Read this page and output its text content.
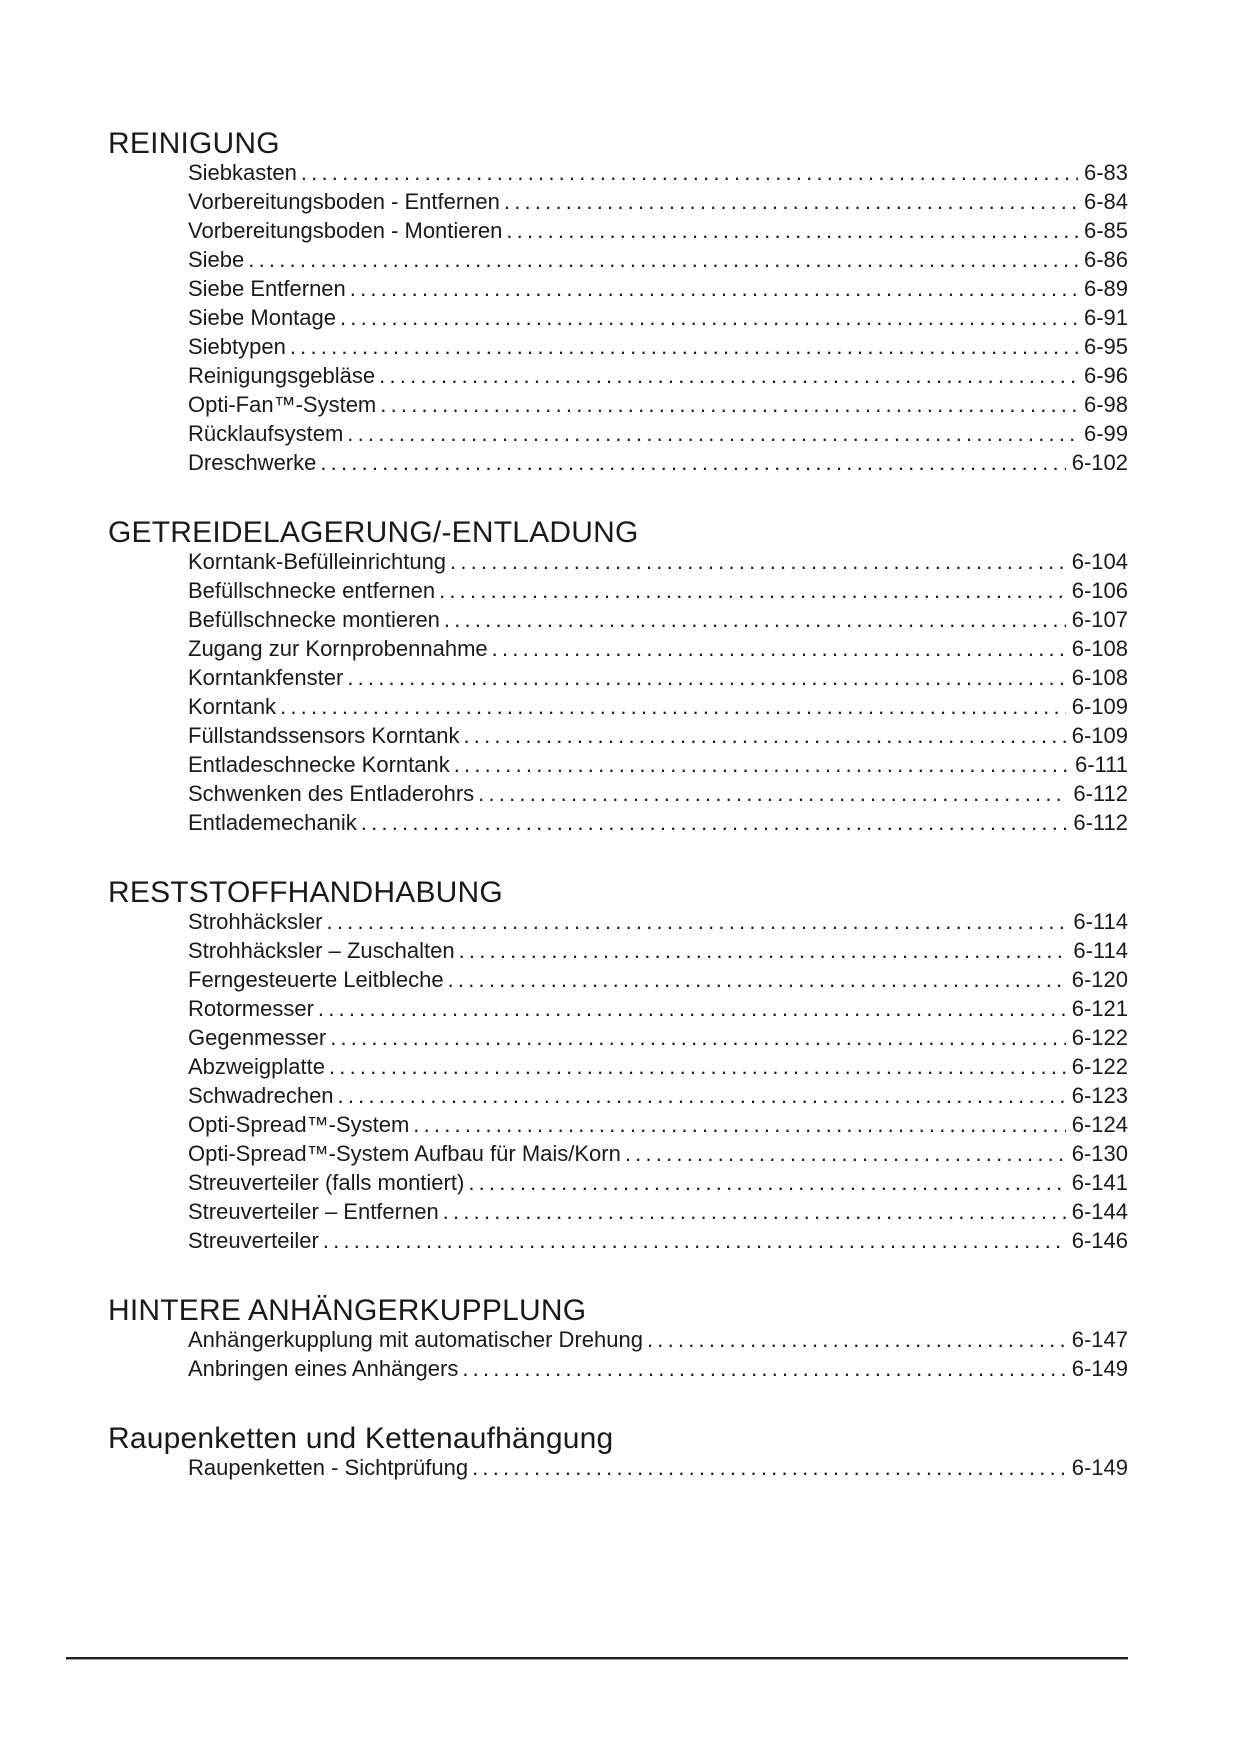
REINIGUNG
Siebkasten .....	6-83
Vorbereitungsboden - Entfernen .....	6-84
Vorbereitungsboden - Montieren .....	6-85
Siebe .....	6-86
Siebe Entfernen .....	6-89
Siebe Montage .....	6-91
Siebtypen .....	6-95
Reinigungsgebläse .....	6-96
Opti-Fan™-System .....	6-98
Rücklaufsystem .....	6-99
Dreschwerke .....	6-102
GETREIDELAGERUNG/-ENTLADUNG
Korntank-Befülleinrichtung .....	6-104
Befüllschnecke entfernen .....	6-106
Befüllschnecke montieren .....	6-107
Zugang zur Kornprobennahme .....	6-108
Korntankfenster .....	6-108
Korntank .....	6-109
Füllstandssensors Korntank .....	6-109
Entladeschnecke Korntank .....	6-111
Schwenken des Entladerohrs .....	6-112
Entlademechanik .....	6-112
RESTSTOFFHANDHABUNG
Strohhäcksler .....	6-114
Strohhäcksler – Zuschalten .....	6-114
Ferngesteuerte Leitbleche .....	6-120
Rotormesser .....	6-121
Gegenmesser .....	6-122
Abzweigplatte .....	6-122
Schwadrechen .....	6-123
Opti-Spread™-System .....	6-124
Opti-Spread™-System Aufbau für Mais/Korn .....	6-130
Streuverteiler (falls montiert) .....	6-141
Streuverteiler – Entfernen .....	6-144
Streuverteiler .....	6-146
HINTERE ANHÄNGERKUPPLUNG
Anhängerkupplung mit automatischer Drehung .....	6-147
Anbringen eines Anhängers .....	6-149
Raupenketten und Kettenaufhängung
Raupenketten - Sichtprüfung .....	6-149
